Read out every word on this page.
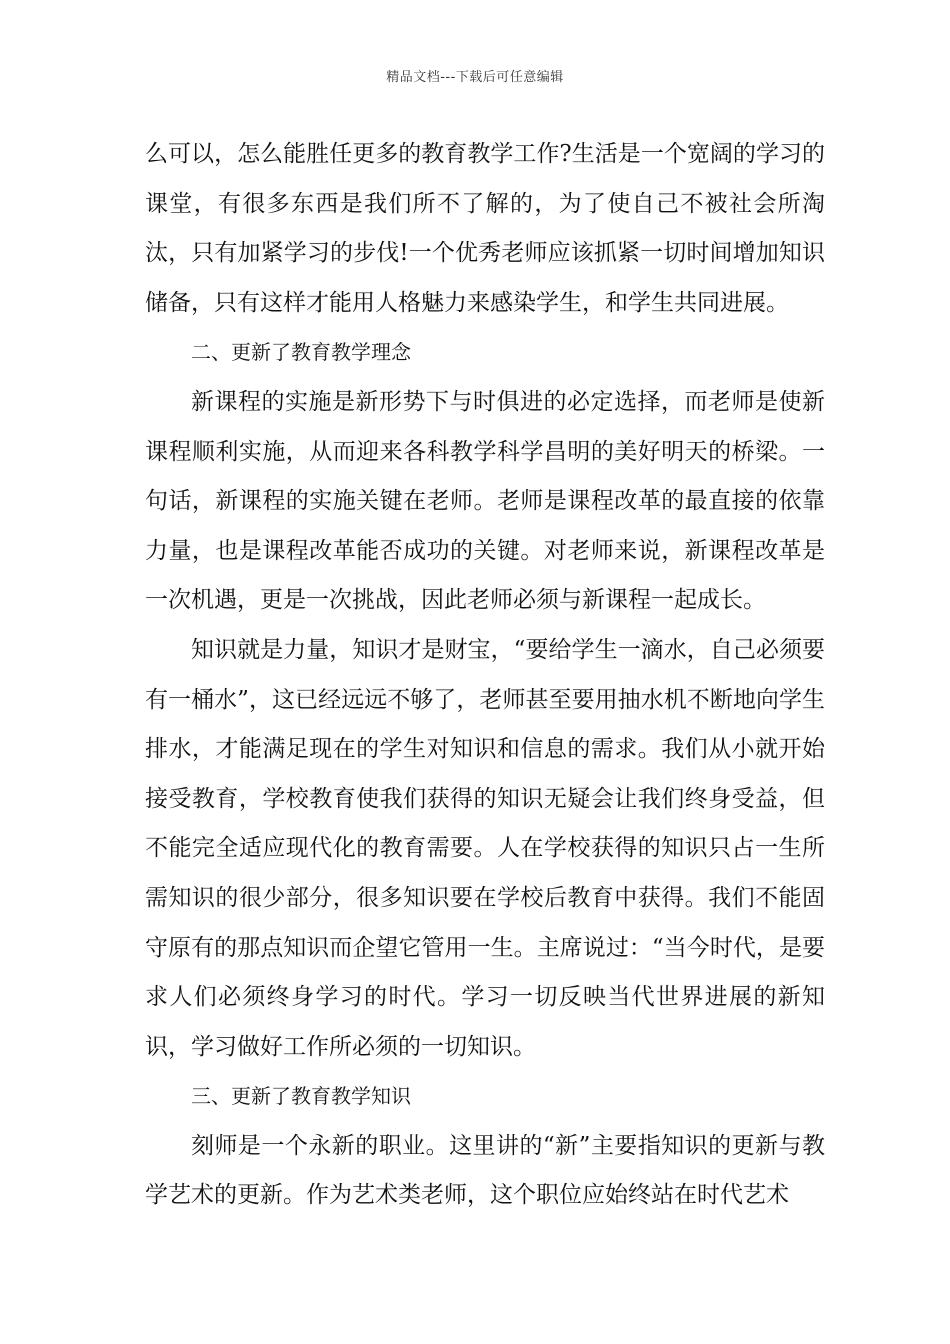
精品文档---下载后可任意编辑

么可以，怎么能胜任更多的教育教学工作?生活是一个宽阔的学习的课堂，有很多东西是我们所不了解的，为了使自己不被社会所淘汰，只有加紧学习的步伐!一个优秀老师应该抓紧一切时间增加知识储备，只有这样才能用人格魅力来感染学生，和学生共同进展。

二、更新了教育教学理念

新课程的实施是新形势下与时俱进的必定选择，而老师是使新课程顺利实施，从而迎来各科教学科学昌明的美好明天的桥梁。一句话，新课程的实施关键在老师。老师是课程改革的最直接的依靠力量，也是课程改革能否成功的关键。对老师来说，新课程改革是一次机遇，更是一次挑战，因此老师必须与新课程一起成长。

知识就是力量，知识才是财宝，“要给学生一滴水，自己必须要有一桶水”，这已经远远不够了，老师甚至要用抽水机不断地向学生排水，才能满足现在的学生对知识和信息的需求。我们从小就开始接受教育，学校教育使我们获得的知识无疑会让我们终身受益，但不能完全适应现代化的教育需要。人在学校获得的知识只占一生所需知识的很少部分，很多知识要在学校后教育中获得。我们不能固守原有的那点知识而企望它管用一生。主席说过：“当今时代，是要求人们必须终身学习的时代。学习一切反映当代世界进展的新知识，学习做好工作所必须的一切知识。

三、更新了教育教学知识

刻师是一个永新的职业。这里讲的“新”主要指知识的更新与教学艺术的更新。作为艺术类老师，这个职位应始终站在时代艺术
